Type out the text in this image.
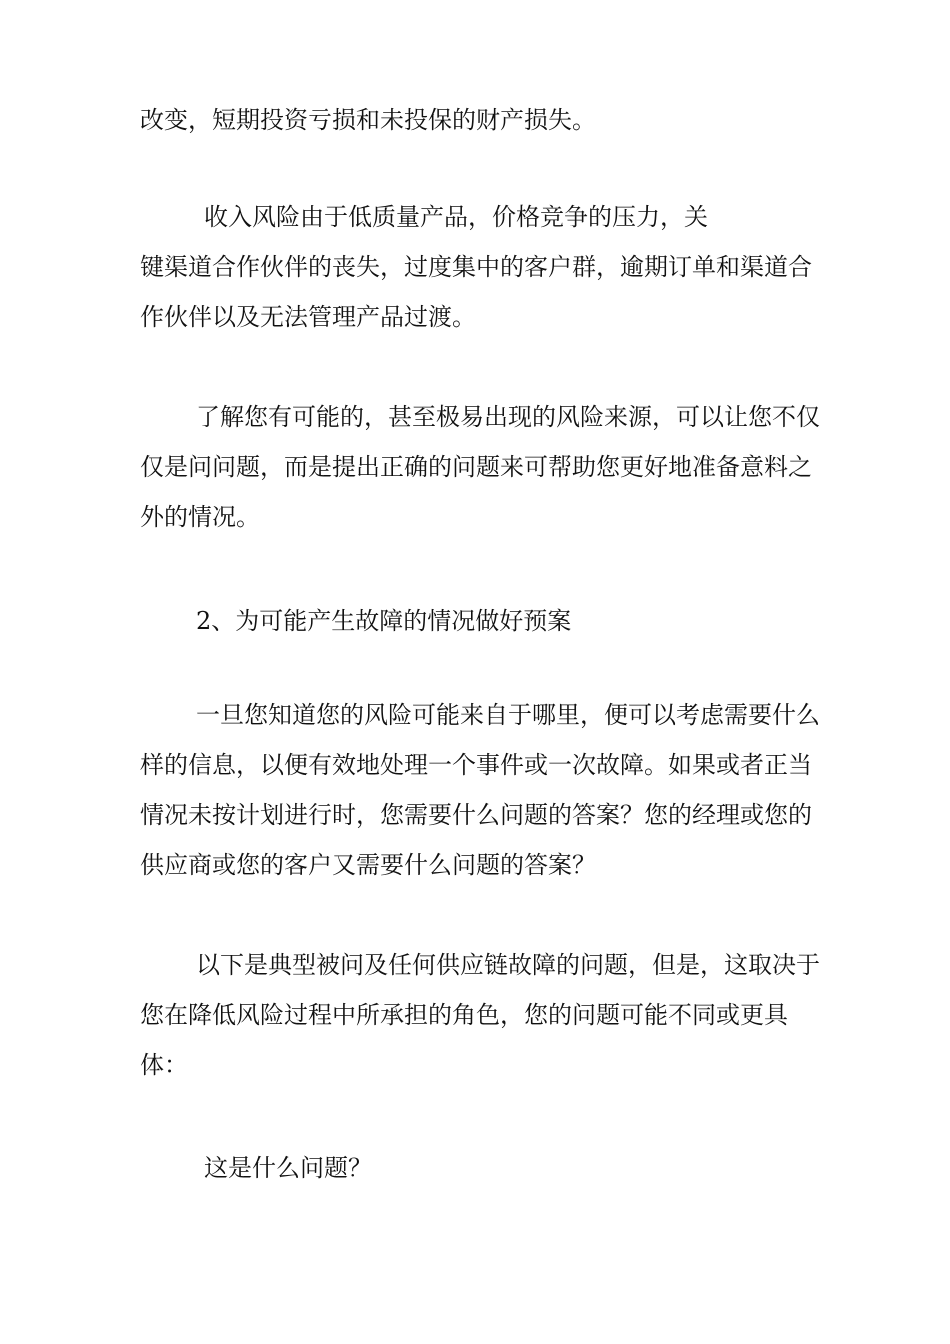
改变，短期投资亏损和未投保的财产损失。

收入风险由于低质量产品，价格竞争的压力，关
键渠道合作伙伴的丧失，过度集中的客户群，逾期订单和渠道合作伙伴以及无法管理产品过渡。

了解您有可能的，甚至极易出现的风险来源，可以让您不仅仅是问问题，而是提出正确的问题来可帮助您更好地准备意料之外的情况。

2、为可能产生故障的情况做好预案

一旦您知道您的风险可能来自于哪里，便可以考虑需要什么样的信息，以便有效地处理一个事件或一次故障。如果或者正当情况未按计划进行时，您需要什么问题的答案？您的经理或您的供应商或您的客户又需要什么问题的答案？

以下是典型被问及任何供应链故障的问题，但是，这取决于您在降低风险过程中所承担的角色，您的问题可能不同或更具体：

这是什么问题？
